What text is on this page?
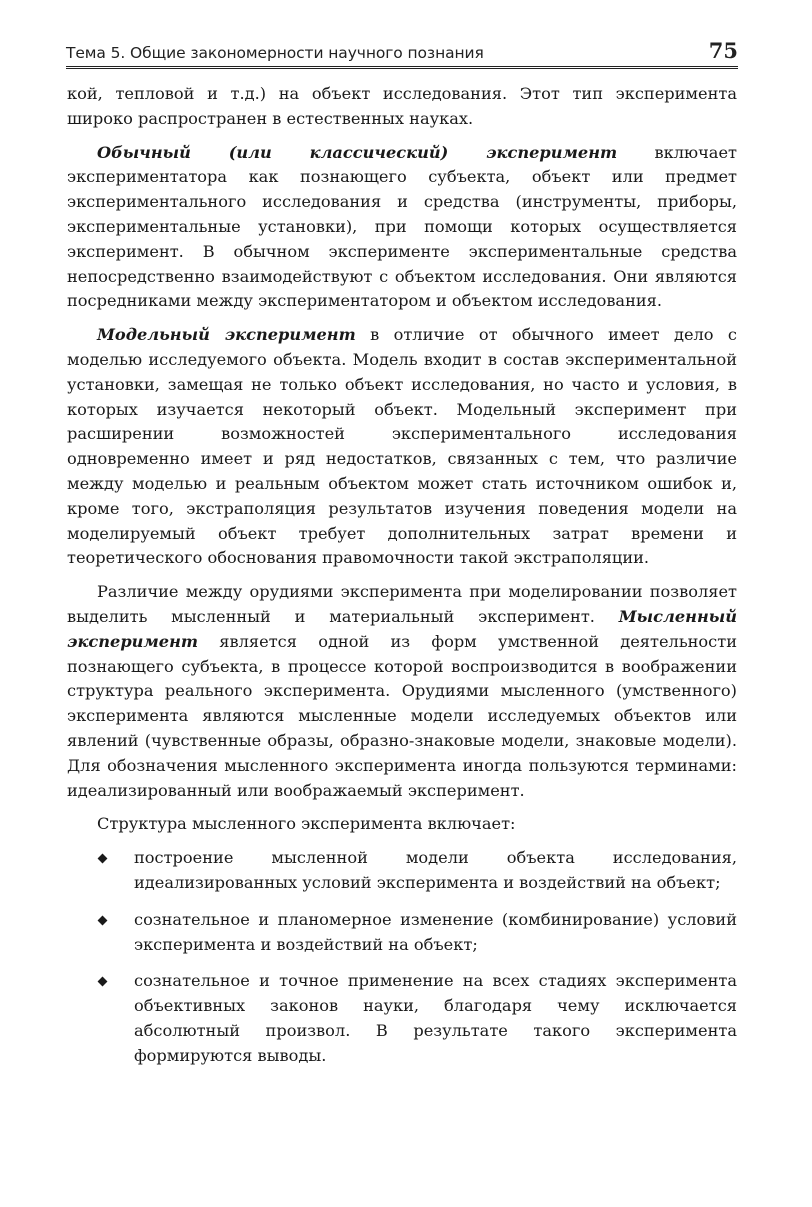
Тема 5. Общие закономерности научного познания	75

кой, тепловой и т.д.) на объект исследования. Этот тип эксперимента широко распространен в естественных науках.

Обычный (или классический) эксперимент включает экспериментатора как познающего субъекта, объект или предмет экспериментального исследования и средства (инструменты, приборы, экспериментальные установки), при помощи которых осуществляется эксперимент. В обычном эксперименте экспериментальные средства непосредственно взаимодействуют с объектом исследования. Они являются посредниками между экспериментатором и объектом исследования.

Модельный эксперимент в отличие от обычного имеет дело с моделью исследуемого объекта. Модель входит в состав экспериментальной установки, замещая не только объект исследования, но часто и условия, в которых изучается некоторый объект. Модельный эксперимент при расширении возможностей экспериментального исследования одновременно имеет и ряд недостатков, связанных с тем, что различие между моделью и реальным объектом может стать источником ошибок и, кроме того, экстраполяция результатов изучения поведения модели на моделируемый объект требует дополнительных затрат времени и теоретического обоснования правомочности такой экстраполяции.

Различие между орудиями эксперимента при моделировании позволяет выделить мысленный и материальный эксперимент. Мысленный эксперимент является одной из форм умственной деятельности познающего субъекта, в процессе которой воспроизводится в воображении структура реального эксперимента. Орудиями мысленного (умственного) эксперимента являются мысленные модели исследуемых объектов или явлений (чувственные образы, образно-знаковые модели, знаковые модели). Для обозначения мысленного эксперимента иногда пользуются терминами: идеализированный или воображаемый эксперимент.

Структура мысленного эксперимента включает:

построение мысленной модели объекта исследования, идеализированных условий эксперимента и воздействий на объект;
сознательное и планомерное изменение (комбинирование) условий эксперимента и воздействий на объект;
сознательное и точное применение на всех стадиях эксперимента объективных законов науки, благодаря чему исключается абсолютный произвол. В результате такого эксперимента формируются выводы.
